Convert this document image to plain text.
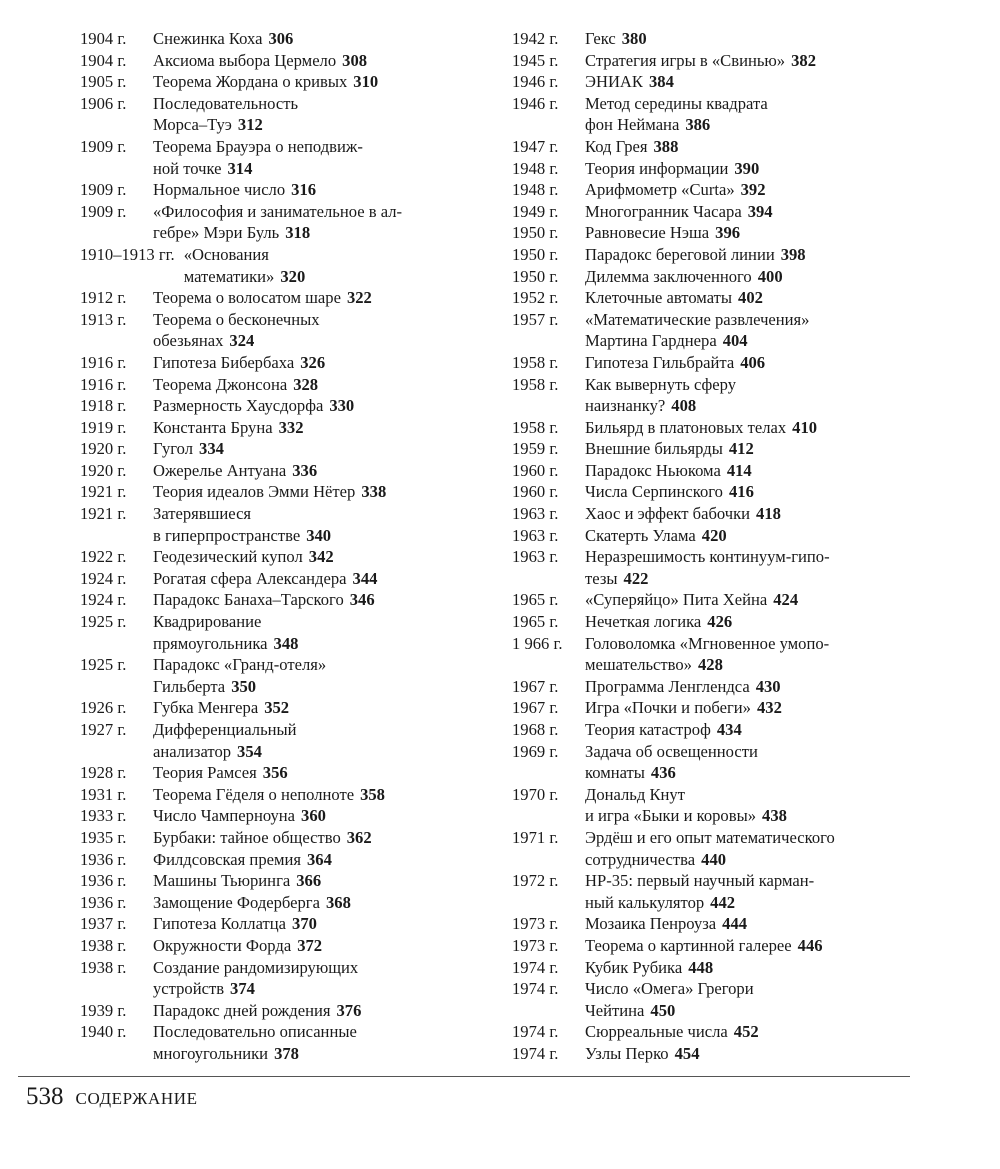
1904 г.	Снежинка Коха 306
1904 г.	Аксиома выбора Цермело 308
1905 г.	Теорема Жордана о кривых 310
1906 г.	Последовательность
Морса–Туэ 312
1909 г.	Теорема Брауэра о неподвиж-
ной точке 314
1909 г.	Нормальное число 316
1909 г.	«Философия и занимательное в ал-
гебре» Мэри Буль 318
1910–1913 гг. «Основания
математики» 320
1912 г.	Теорема о волосатом шаре 322
1913 г.	Теорема о бесконечных
обезьянах 324
1916 г.	Гипотеза Бибербаха 326
1916 г.	Теорема Джонсона 328
1918 г.	Размерность Хаусдорфа 330
1919 г.	Константа Бруна 332
1920 г.	Гугол 334
1920 г.	Ожерелье Антуана 336
1921 г.	Теория идеалов Эмми Нётер 338
1921 г.	Затерявшиеся
в гиперпространстве 340
1922 г.	Геодезический купол 342
1924 г.	Рогатая сфера Александера 344
1924 г.	Парадокс Банаха–Тарского 346
1925 г.	Квадрирование
прямоугольника 348
1925 г.	Парадокс «Гранд-отеля»
Гильберта 350
1926 г.	Губка Менгера 352
1927 г.	Дифференциальный
анализатор 354
1928 г.	Теория Рамсея 356
1931 г.	Теорема Гёделя о неполноте 358
1933 г.	Число Чамперноуна 360
1935 г.	Бурбаки: тайное общество 362
1936 г.	Филдсовская премия 364
1936 г.	Машины Тьюринга 366
1936 г.	Замощение Фодерберга 368
1937 г.	Гипотеза Коллатца 370
1938 г.	Окружности Форда 372
1938 г.	Создание рандомизирующих
устройств 374
1939 г.	Парадокс дней рождения 376
1940 г.	Последовательно описанные
многоугольники 378
1942 г.	Гекс 380
1945 г.	Стратегия игры в «Свинью» 382
1946 г.	ЭНИАК 384
1946 г.	Метод середины квадрата
фон Неймана 386
1947 г.	Код Грея 388
1948 г.	Теория информации 390
1948 г.	Арифмометр «Curta» 392
1949 г.	Многогранник Часара 394
1950 г.	Равновесие Нэша 396
1950 г.	Парадокс береговой линии 398
1950 г.	Дилемма заключенного 400
1952 г.	Клеточные автоматы 402
1957 г.	«Математические развлечения»
Мартина Гарднера 404
1958 г.	Гипотеза Гильбрайта 406
1958 г.	Как вывернуть сферу
наизнанку? 408
1958 г.	Бильярд в платоновых телах 410
1959 г.	Внешние бильярды 412
1960 г.	Парадокс Ньюкома 414
1960 г.	Числа Серпинского 416
1963 г.	Хаос и эффект бабочки 418
1963 г.	Скатерть Улама 420
1963 г.	Неразрешимость континуум-гипо-
тезы 422
1965 г.	«Суперяйцо» Пита Хейна 424
1965 г.	Нечеткая логика 426
1 966 г.	Головоломка «Мгновенное умопо-
мешательство» 428
1967 г.	Программа Ленглендса 430
1967 г.	Игра «Почки и побеги» 432
1968 г.	Теория катастроф 434
1969 г.	Задача об освещенности
комнаты 436
1970 г.	Дональд Кнут
и игра «Быки и коровы» 438
1971 г.	Эрдёш и его опыт математического
сотрудничества 440
1972 г.	HP-35: первый научный карман-
ный калькулятор 442
1973 г.	Мозаика Пенроуза 444
1973 г.	Теорема о картинной галерее 446
1974 г.	Кубик Рубика 448
1974 г.	Число «Омега» Грегори
Чейтина 450
1974 г.	Сюрреальные числа 452
1974 г.	Узлы Перко 454
538 СОДЕРЖАНИЕ
